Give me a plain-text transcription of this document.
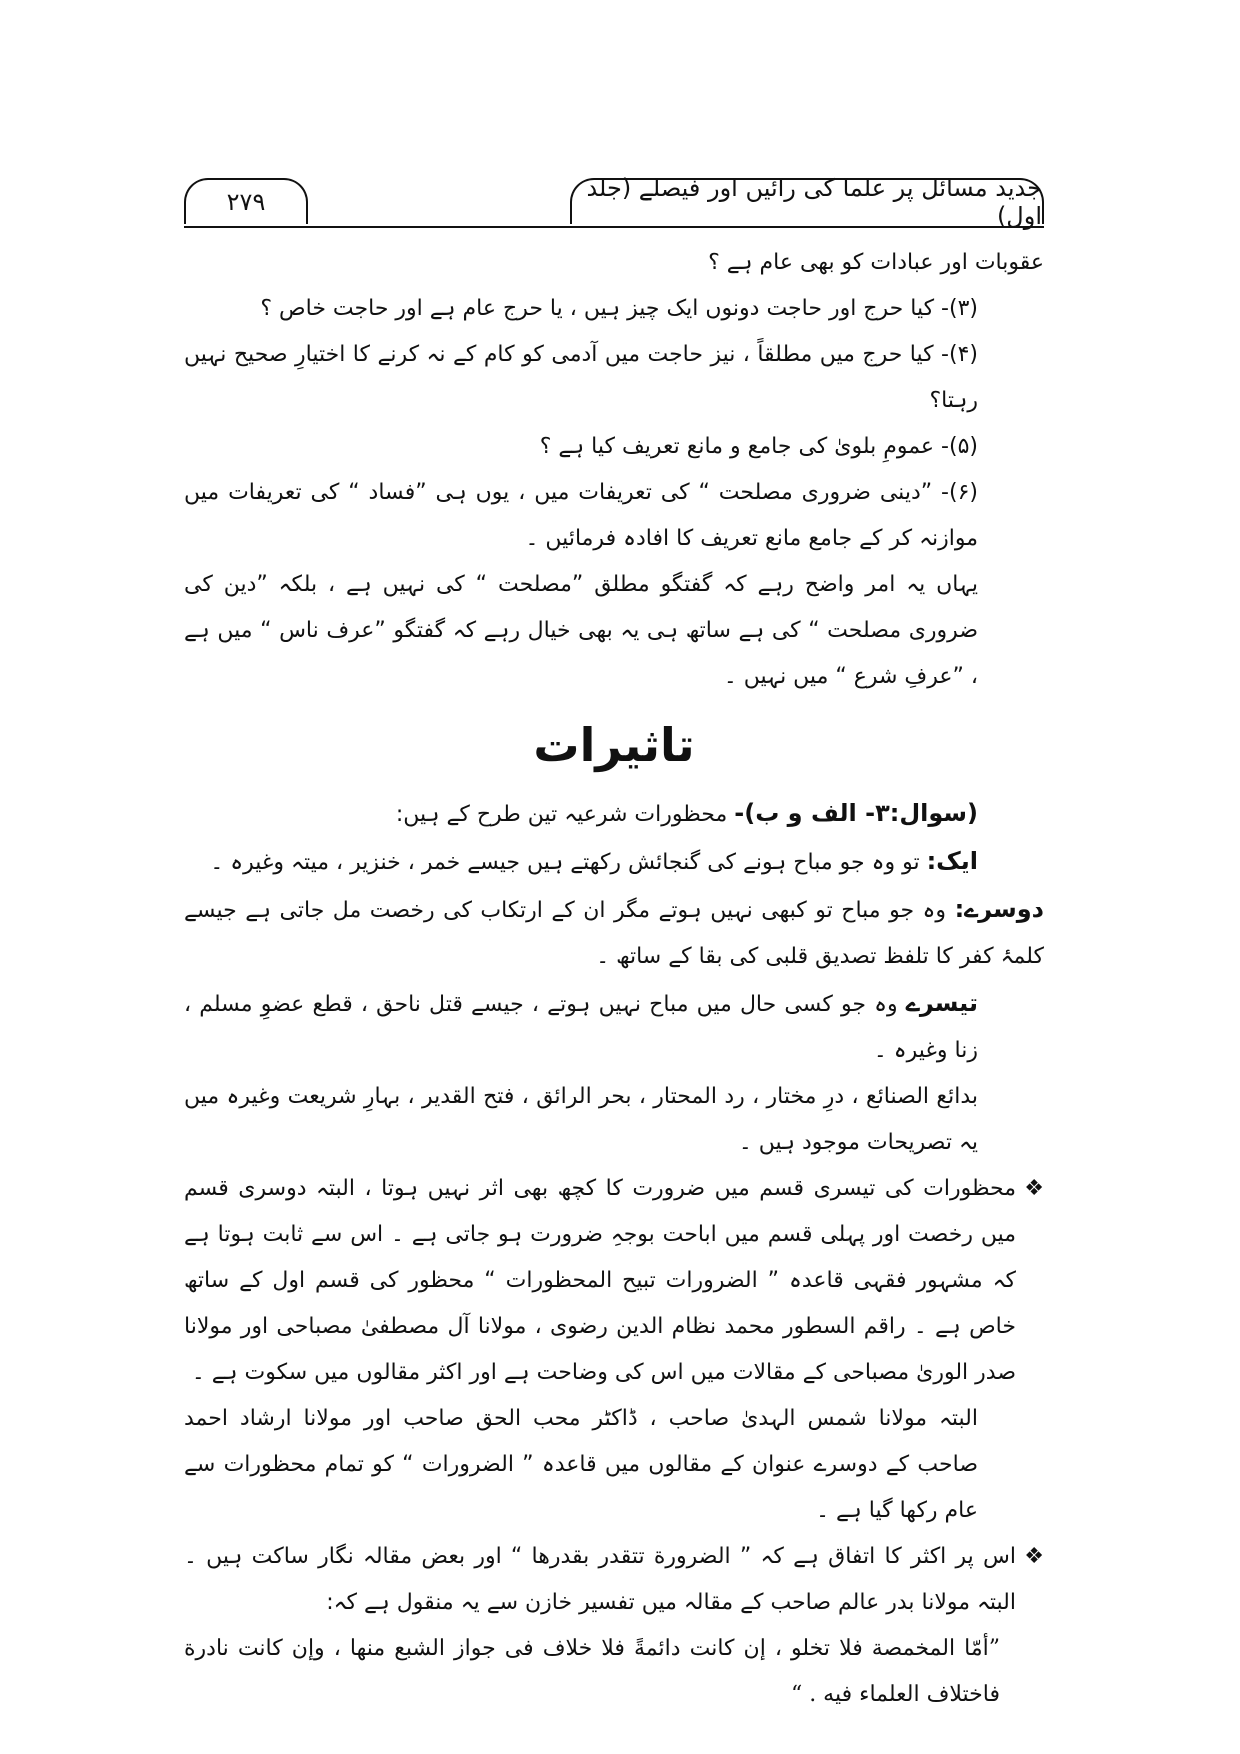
جدید مسائل پر علما کی رائیں اور فیصلے (جلد اول)
۲۷۹

عقوبات اور عبادات کو بھی عام ہے ؟

(۳)- کیا حرج اور حاجت دونوں ایک چیز ہیں ، یا حرج عام ہے اور حاجت خاص ؟

(۴)- کیا حرج میں مطلقاً ، نیز حاجت میں آدمی کو کام کے نہ کرنے کا اختیارِ صحیح نہیں رہتا؟

(۵)- عمومِ بلویٰ کی جامع و مانع تعریف کیا ہے ؟

(۶)- ”دینی ضروری مصلحت “ کی تعریفات میں ، یوں ہی ”فساد “ کی تعریفات میں موازنہ کر کے جامع مانع تعریف کا افادہ فرمائیں ۔

یہاں یہ امر واضح رہے کہ گفتگو مطلق ”مصلحت “ کی نہیں ہے ، بلکہ ”دین کی ضروری مصلحت “ کی ہے ساتھ ہی یہ بھی خیال رہے کہ گفتگو ”عرف ناس “ میں ہے ، ”عرفِ شرع “ میں نہیں ۔

تاثیرات

(سوال:۳- الف و ب)- محظورات شرعیہ تین طرح کے ہیں:

ایک: تو وہ جو مباح ہونے کی گنجائش رکھتے ہیں جیسے خمر ، خنزیر ، میتہ وغیرہ ۔

دوسرے: وہ جو مباح تو کبھی نہیں ہوتے مگر ان کے ارتکاب کی رخصت مل جاتی ہے جیسے کلمۂ کفر کا تلفظ تصدیق قلبی کی بقا کے ساتھ ۔

تیسرے وہ جو کسی حال میں مباح نہیں ہوتے ، جیسے قتل ناحق ، قطع عضوِ مسلم ، زنا وغیرہ ۔

بدائع الصنائع ، درِ مختار ، رد المحتار ، بحر الرائق ، فتح القدیر ، بہارِ شریعت وغیرہ میں یہ تصریحات موجود ہیں ۔

❖
محظورات کی تیسری قسم میں ضرورت کا کچھ بھی اثر نہیں ہوتا ، البتہ دوسری قسم میں رخصت اور پہلی قسم میں اباحت بوجہِ ضرورت ہو جاتی ہے ۔ اس سے ثابت ہوتا ہے کہ مشہور فقہی قاعدہ ” الضرورات تبیح المحظورات “ محظور کی قسم اول کے ساتھ خاص ہے ۔ راقم السطور محمد نظام الدین رضوی ، مولانا آل مصطفیٰ مصباحی اور مولانا صدر الوریٰ مصباحی کے مقالات میں اس کی وضاحت ہے اور اکثر مقالوں میں سکوت ہے ۔

البتہ مولانا شمس الہدیٰ صاحب ، ڈاکٹر محب الحق صاحب اور مولانا ارشاد احمد صاحب کے دوسرے عنوان کے مقالوں میں قاعدہ ” الضرورات “ کو تمام محظورات سے عام رکھا گیا ہے ۔

❖
اس پر اکثر کا اتفاق ہے کہ ” الضرورة تتقدر بقدرها “ اور بعض مقالہ نگار ساکت ہیں ۔ البتہ مولانا بدر عالم صاحب کے مقالہ میں تفسیر خازن سے یہ منقول ہے کہ:

”أمّا المخمصة فلا تخلو ، إن كانت دائمةً فلا خلاف فى جواز الشبع منها ، وإن كانت نادرة فاختلاف العلماء فيه . “
